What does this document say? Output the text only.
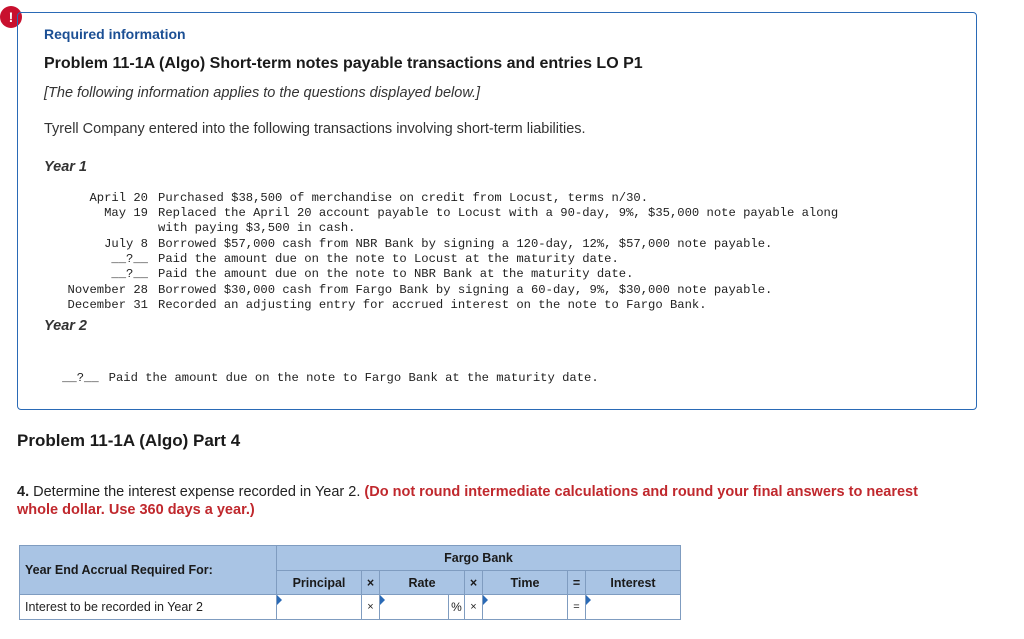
!
Required information
Problem 11-1A (Algo) Short-term notes payable transactions and entries LO P1
[The following information applies to the questions displayed below.]
Tyrell Company entered into the following transactions involving short-term liabilities.
Year 1
April 20 Purchased $38,500 of merchandise on credit from Locust, terms n/30.
May 19 Replaced the April 20 account payable to Locust with a 90-day, 9%, $35,000 note payable along
with paying $3,500 in cash.
July 8 Borrowed $57,000 cash from NBR Bank by signing a 120-day, 12%, $57,000 note payable.
__?__ Paid the amount due on the note to Locust at the maturity date.
__?__ Paid the amount due on the note to NBR Bank at the maturity date.
November 28 Borrowed $30,000 cash from Fargo Bank by signing a 60-day, 9%, $30,000 note payable.
December 31 Recorded an adjusting entry for accrued interest on the note to Fargo Bank.
Year 2

__?__ Paid the amount due on the note to Fargo Bank at the maturity date.

Problem 11-1A (Algo) Part 4
4. Determine the interest expense recorded in Year 2. (Do not round intermediate calculations and round your final answers to nearest whole dollar. Use 360 days a year.)
Year End Accrual Required For:	Fargo Bank						
	Principal	×	Rate	×	Time	=	Interest
Interest to be recorded in Year 2		×	%	×		=	
